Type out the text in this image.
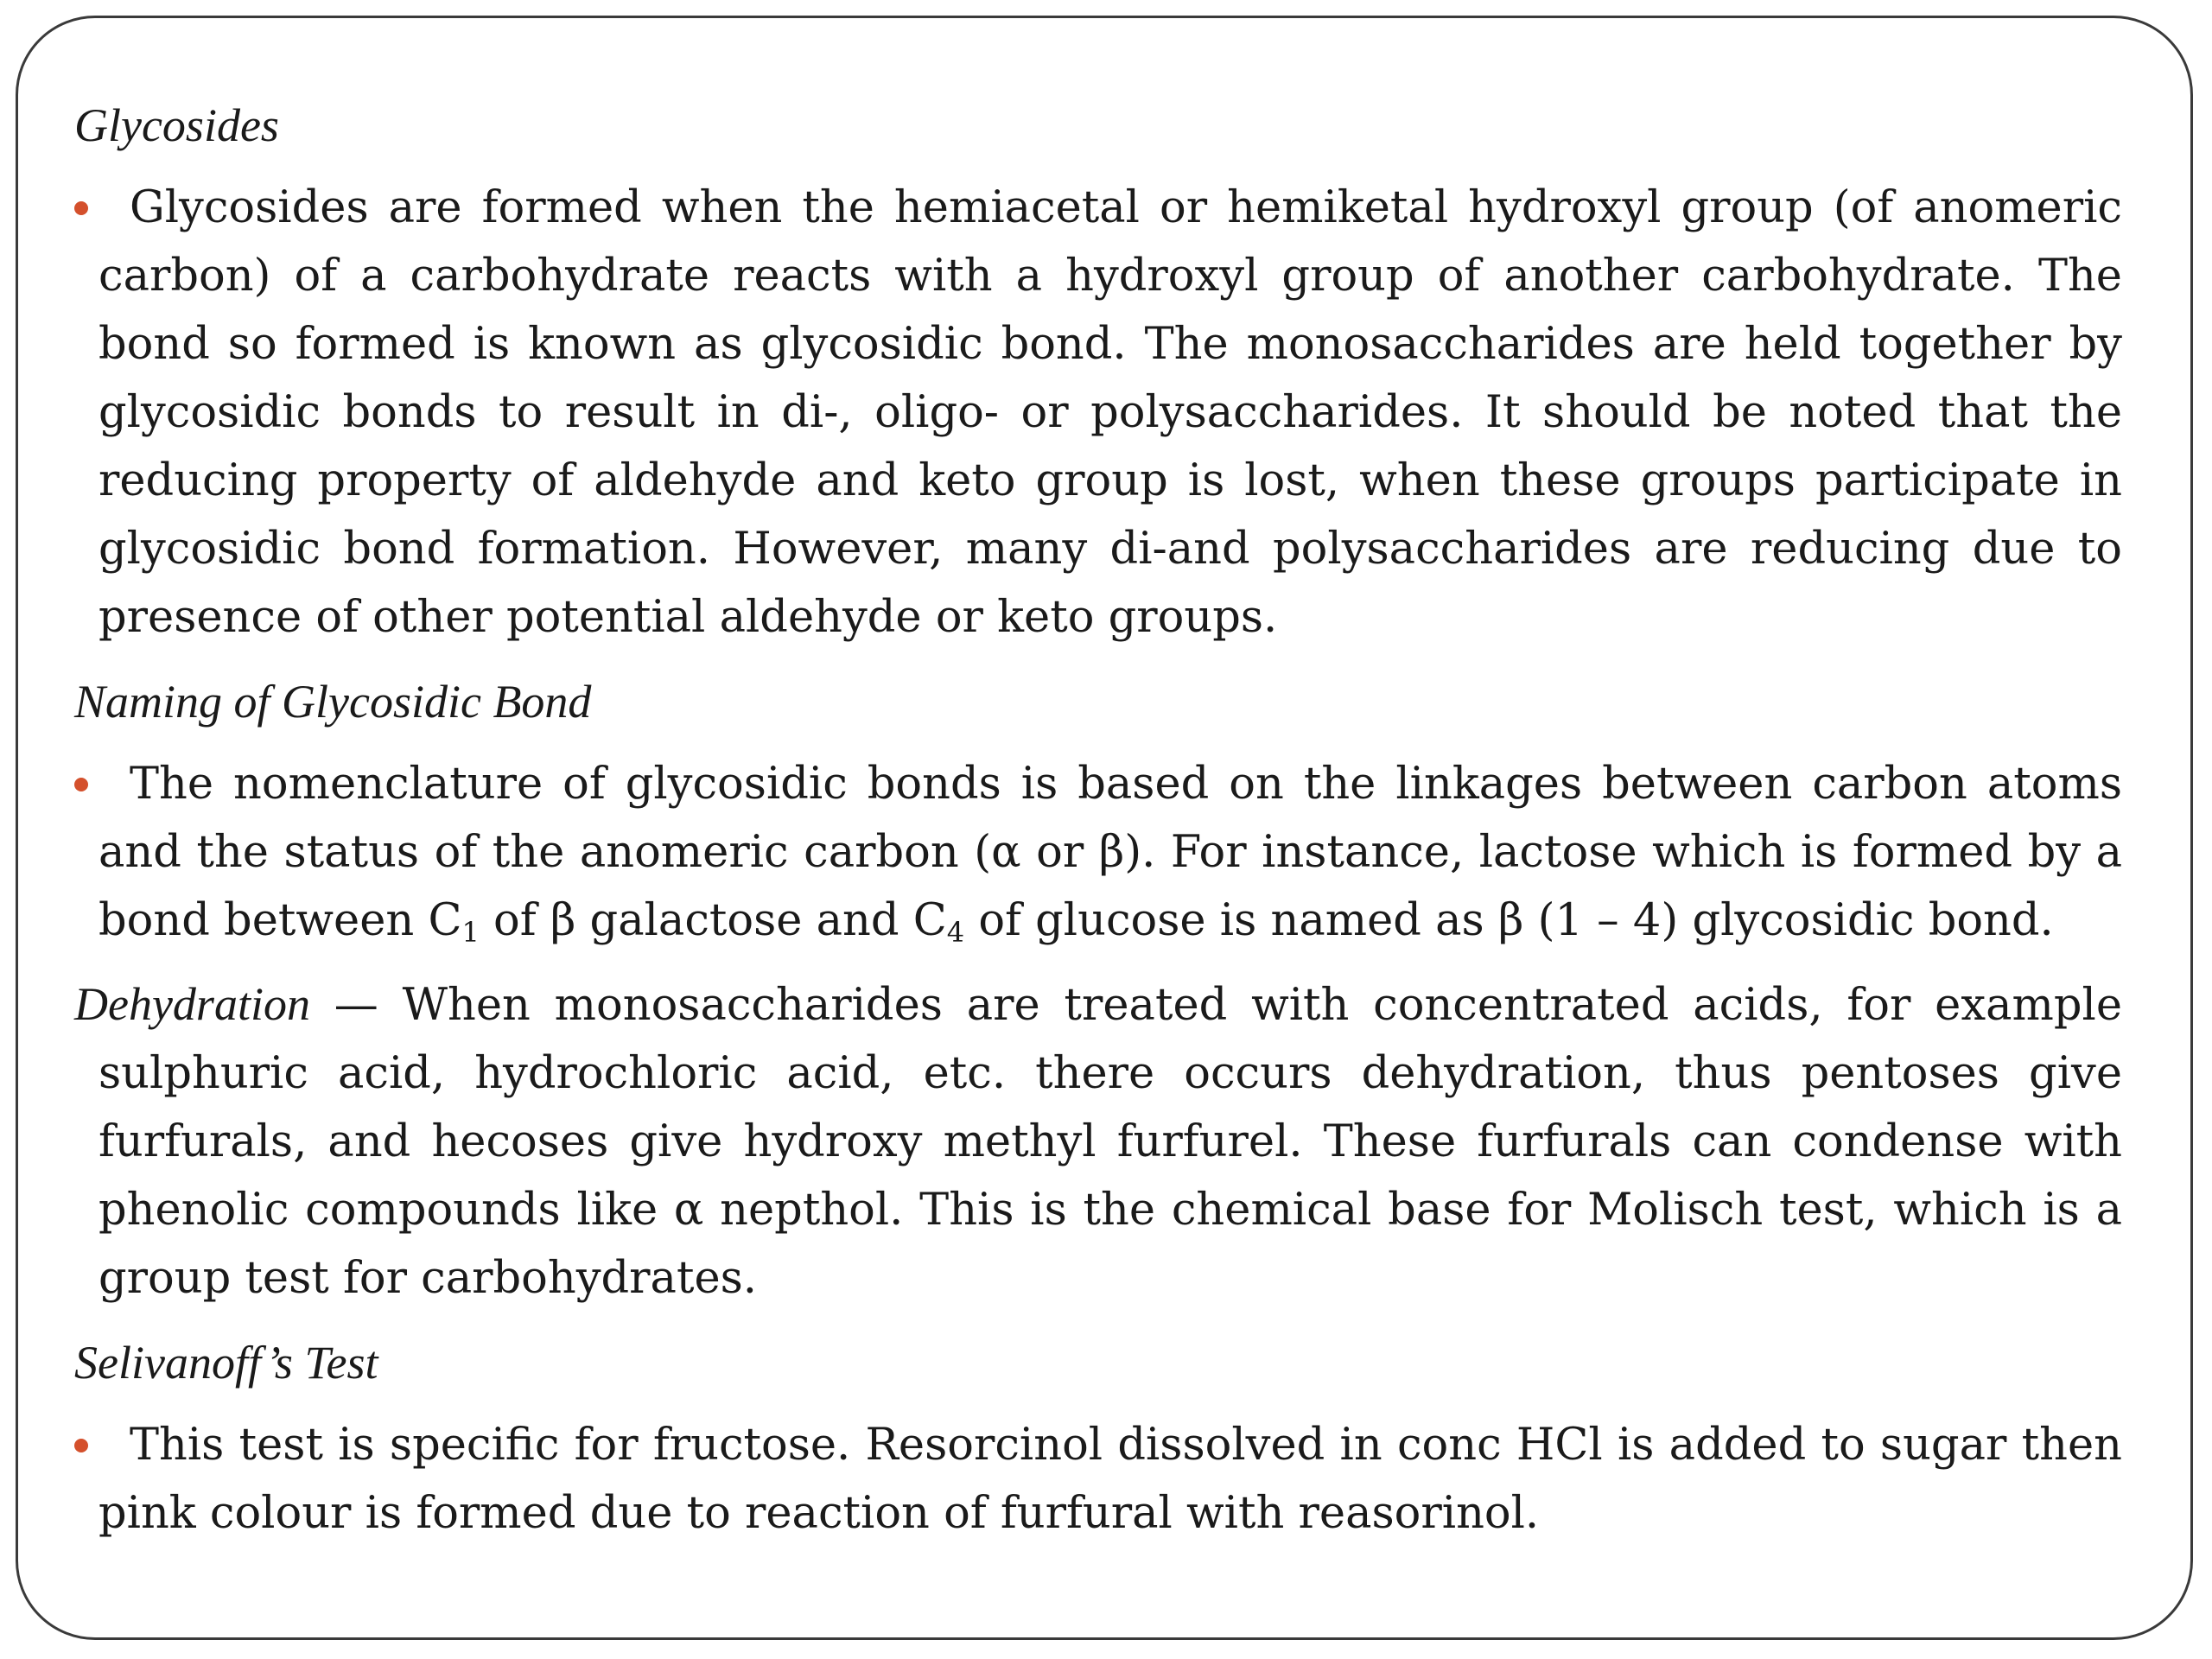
Glycosides

Glycosides are formed when the hemiacetal or hemiketal hydroxyl group (of anomeric carbon) of a carbohydrate reacts with a hydroxyl group of another carbohydrate. The bond so formed is known as glycosidic bond. The monosaccharides are held together by glycosidic bonds to result in di-, oligo- or polysaccharides. It should be noted that the reducing property of aldehyde and keto group is lost, when these groups participate in glycosidic bond formation. However, many di-and polysaccharides are reducing due to presence of other potential aldehyde or keto groups.

Naming of Glycosidic Bond

The nomenclature of glycosidic bonds is based on the linkages between carbon atoms and the status of the anomeric carbon (α or β). For instance, lactose which is formed by a bond between $C_1$ of β galactose and $C_4$ of glucose is named as β (1 – 4) glycosidic bond.

Dehydration — When monosaccharides are treated with concentrated acids, for example sulphuric acid, hydrochloric acid, etc. there occurs dehydration, thus pentoses give furfurals, and hecoses give hydroxy methyl furfurel. These furfurals can condense with phenolic compounds like α nepthol. This is the chemical base for Molisch test, which is a group test for carbohydrates.

Selivanoff’s Test

This test is specific for fructose. Resorcinol dissolved in conc HCl is added to sugar then pink colour is formed due to reaction of furfural with reasorinol.
